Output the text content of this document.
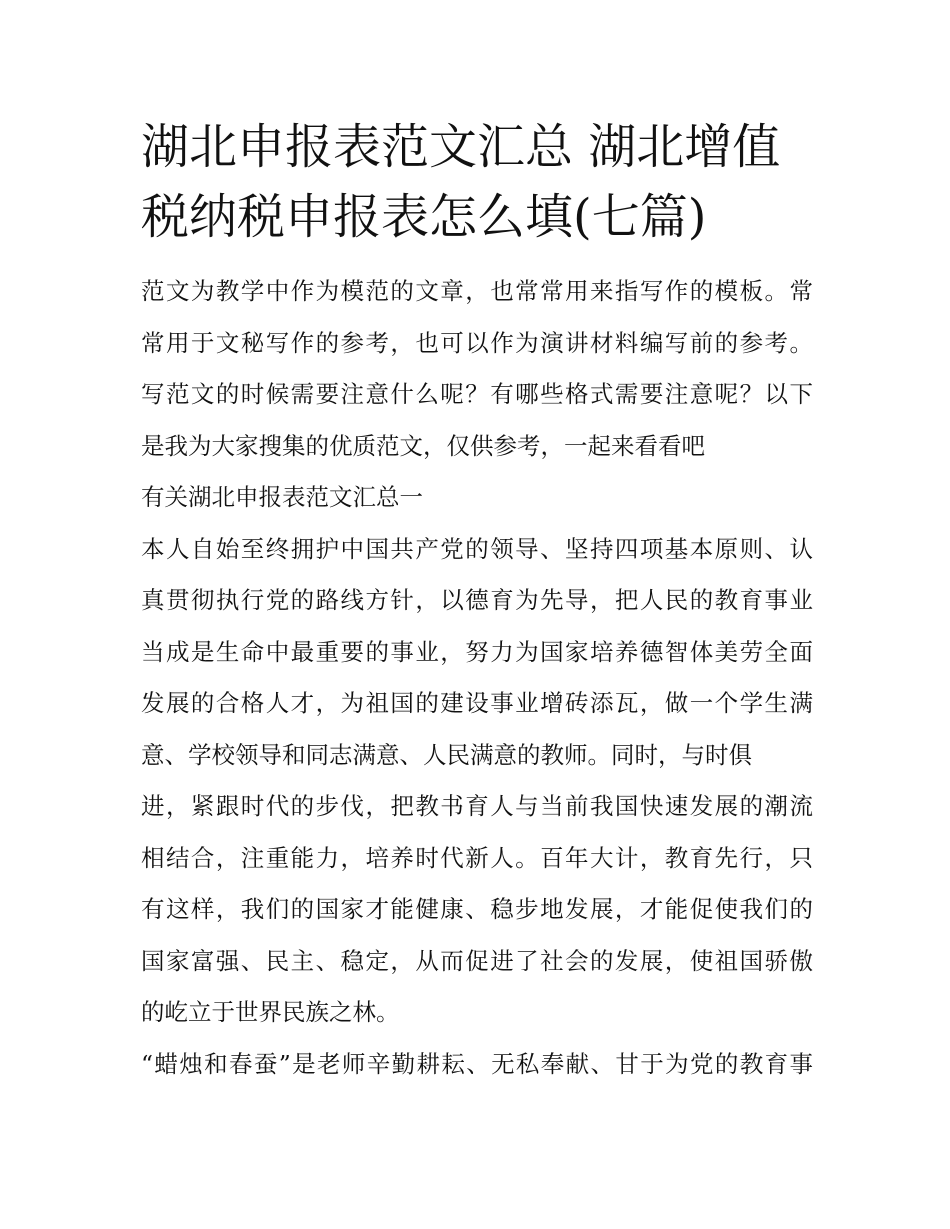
湖北申报表范文汇总 湖北增值税纳税申报表怎么填(七篇)
范文为教学中作为模范的文章，也常常用来指写作的模板。常
常用于文秘写作的参考，也可以作为演讲材料编写前的参考。
写范文的时候需要注意什么呢？有哪些格式需要注意呢？以下
是我为大家搜集的优质范文，仅供参考，一起来看看吧
有关湖北申报表范文汇总一
本人自始至终拥护中国共产党的领导、坚持四项基本原则、认
真贯彻执行党的路线方针，以德育为先导，把人民的教育事业
当成是生命中最重要的事业，努力为国家培养德智体美劳全面
发展的合格人才，为祖国的建设事业增砖添瓦，做一个学生满
意、学校领导和同志满意、人民满意的教师。同时，与时俱
进，紧跟时代的步伐，把教书育人与当前我国快速发展的潮流
相结合，注重能力，培养时代新人。百年大计，教育先行，只
有这样，我们的国家才能健康、稳步地发展，才能促使我们的
国家富强、民主、稳定，从而促进了社会的发展，使祖国骄傲
的屹立于世界民族之林。
“蜡烛和春蚕”是老师辛勤耕耘、无私奉献、甘于为党的教育事
